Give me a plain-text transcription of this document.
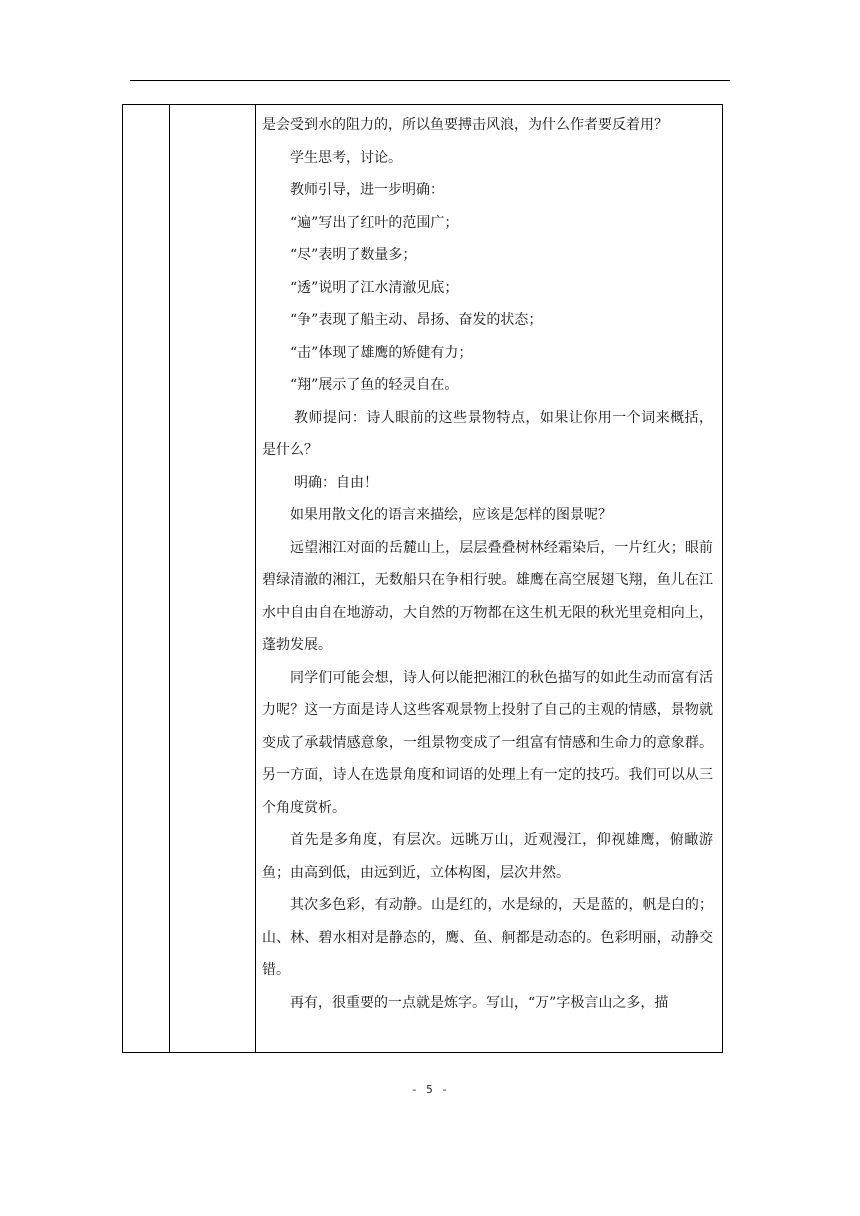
是会受到水的阻力的，所以鱼要搏击风浪，为什么作者要反着用？

学生思考，讨论。

教师引导，进一步明确：

“遍”写出了红叶的范围广；

“尽”表明了数量多；

“透”说明了江水清澈见底；

“争”表现了船主动、昂扬、奋发的状态；

“击”体现了雄鹰的矫健有力；

“翔”展示了鱼的轻灵自在。

教师提问：诗人眼前的这些景物特点，如果让你用一个词来概括，是什么？

明确：自由！

如果用散文化的语言来描绘，应该是怎样的图景呢？

远望湘江对面的岳麓山上，层层叠叠树林经霜染后，一片红火；眼前碧绿清澈的湘江，无数船只在争相行驶。雄鹰在高空展翅飞翔，鱼儿在江水中自由自在地游动，大自然的万物都在这生机无限的秋光里竞相向上，蓬勃发展。

同学们可能会想，诗人何以能把湘江的秋色描写的如此生动而富有活力呢？这一方面是诗人这些客观景物上投射了自己的主观的情感，景物就变成了承载情感意象，一组景物变成了一组富有情感和生命力的意象群。另一方面，诗人在选景角度和词语的处理上有一定的技巧。我们可以从三个角度赏析。

首先是多角度，有层次。远眺万山，近观漫江，仰视雄鹰，俯瞰游鱼；由高到低，由远到近，立体构图，层次井然。

其次多色彩，有动静。山是红的，水是绿的，天是蓝的，帆是白的；山、林、碧水相对是静态的，鹰、鱼、舸都是动态的。色彩明丽，动静交错。

再有，很重要的一点就是炼字。写山，“万”字极言山之多，描

- 5 -
